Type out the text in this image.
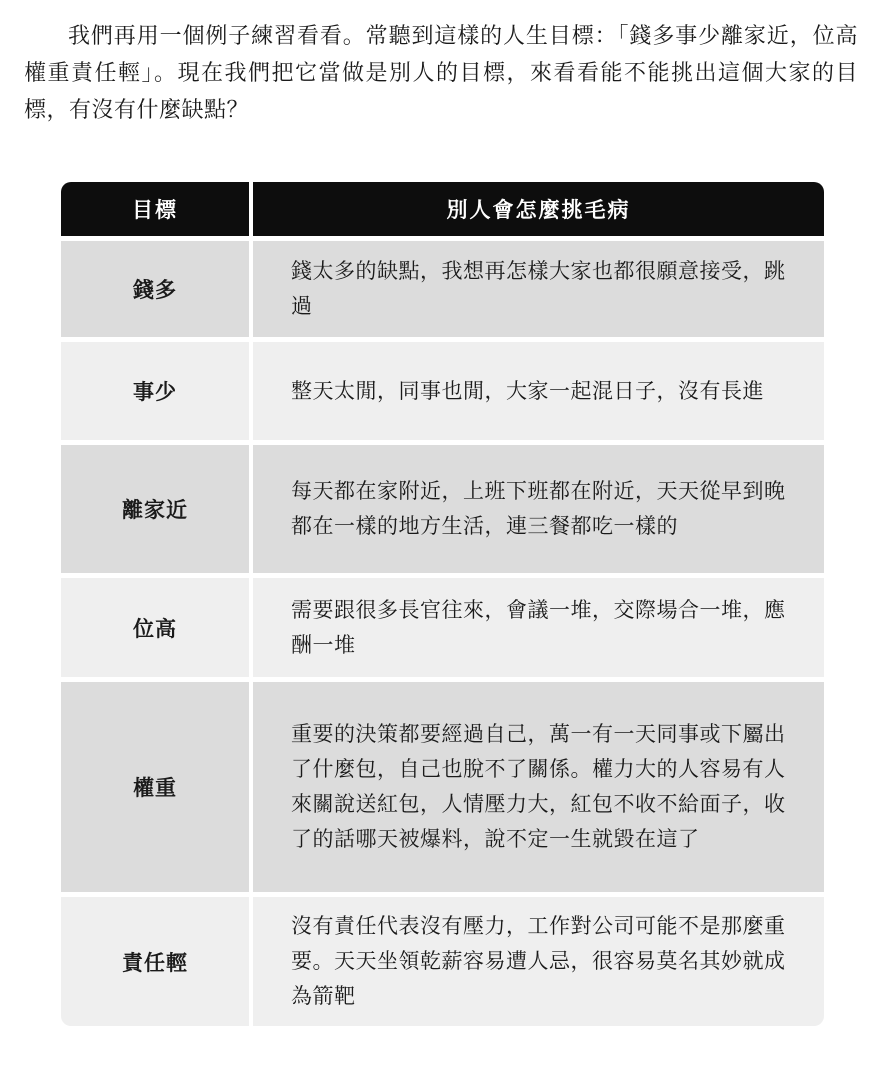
我們再用一個例子練習看看。常聽到這樣的人生目標：「錢多事少離家近，位高權重責任輕」。現在我們把它當做是別人的目標，來看看能不能挑出這個大家的目標，有沒有什麼缺點？

目標	別人會怎麼挑毛病
錢多	錢太多的缺點，我想再怎樣大家也都很願意接受，跳過
事少	整天太閒，同事也閒，大家一起混日子，沒有長進
離家近	每天都在家附近，上班下班都在附近，天天從早到晚都在一樣的地方生活，連三餐都吃一樣的
位高	需要跟很多長官往來，會議一堆，交際場合一堆，應酬一堆
權重	重要的決策都要經過自己，萬一有一天同事或下屬出了什麼包，自己也脫不了關係。權力大的人容易有人來關說送紅包，人情壓力大，紅包不收不給面子，收了的話哪天被爆料，說不定一生就毀在這了
責任輕	沒有責任代表沒有壓力，工作對公司可能不是那麼重要。天天坐領乾薪容易遭人忌，很容易莫名其妙就成為箭靶
